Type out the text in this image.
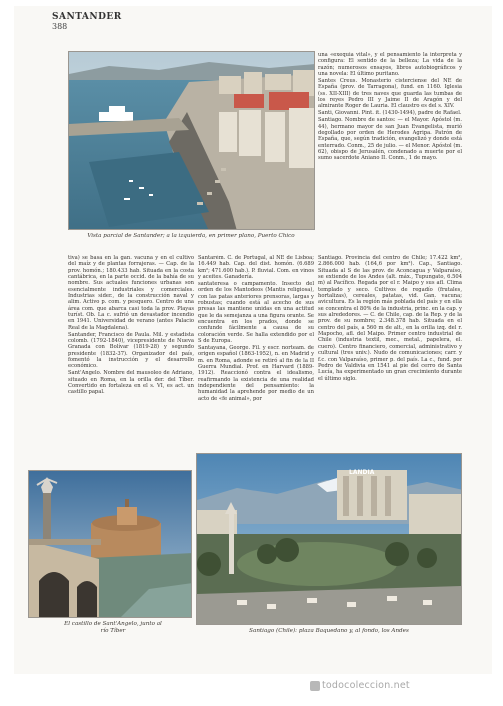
SANTANDER
388
Vista parcial de Santander; a la izquierda, en primer plano, Puerto Chico

una «exequia vital», y el pensamiento la interpreta y configura: El sentido de la belleza; La vida de la razón; numerosos ensayos, libros autobiográficos y una novela: El último puritano.

Santes Creus. Monasterio cisterciense del NE de España (prov. de Tarragona), fund. en 1160. Iglesia (ss. XII-XIII) de tres naves que guarda las tumbas de los reyes Pedro III y Jaime II de Aragón y del almirante Roger de Lauria. El claustro es del s. XIV.

Santi, Giovanni. Pint. it. (1430-1494), padre de Rafael.

Santiago. Nombre de santos: — el Mayor. Apóstol (m. 44), hermano mayor de san Juan Evangelista, murió degollado por orden de Herodes Agripa. Patrón de España, que, según tradición, evangelizó y donde está enterrado. Conm., 25 de julio. — el Menor. Apóstol (m. 62), obispo de Jerusalén, condenado a muerte por el sumo sacerdote Aniano II. Conm., 1 de mayo.

tiva) se basa en la gan. vacuna y en el cultivo del maíz y de plantas forrajeras. — Cap. de la prov. homón.; 180.433 hab. Situada en la costa cantábrica, en la parte occid. de la bahía de su nombre. Sus actuales funciones urbanas son esencialmente industriales y comerciales. Industrias sider., de la construcción naval y alim. Activo p. com. y pesquero. Centro de una área com. que abarca casi toda la prov. Playas turíst. Ob. La c. sufrió un devastador incendio en 1941. Universidad de verano (antes Palacio Real de la Magdalena).

Santander, Francisco de Paula. Mil. y estadista colomb. (1792-1840), vicepresidente de Nueva Granada con Bolívar (1819-28) y segundo presidente (1832-37). Organizador del país, fomentó la instrucción y el desarrollo económico.

Sant'Angelo. Nombre del mausoleo de Adriano, situado en Roma, en la orilla der. del Tíber. Convertido en fortaleza en el s. VI, es act. un castillo papal.

Santarém. C. de Portugal, al NE de Lisboa; 16.449 hab. Cap. del dist. homón. (6.689 km²; 471.600 hab.). P. fluvial. Com. en vinos y aceites. Ganadería.

santateresa o campamento. Insecto del orden de los Mantodeos (Mantis religiosa), con las patas anteriores prensoras, largas y robustas; cuando está al acecho de sus presas las mantiene unidas en una actitud que le da semejanza a una figura orante. Se encuentra en los prados, donde se confunde fácilmente a causa de su coloración verde. Se halla extendido por el S de Europa.

Santayana, George. Fil. y escr. norteam. de origen español (1863-1952), n. en Madrid y m. en Roma, adonde se retiró al fin de la II Guerra Mundial. Prof. en Harvard (1889-1912). Reaccionó contra el idealismo, reafirmando la existencia de una realidad independiente del pensamiento: la humanidad la aprehende por medio de un acto de «fe animal», por

Santiago. Provincia del centro de Chile; 17.422 km², 2.866.000 hab. (164,6 por km²). Cap., Santiago. Situada al S de las prov. de Aconcagua y Valparaíso, se extiende de los Andes (alt. máx., Tupungato, 6.504 m) al Pacífico. Regada por el r. Maipo y sus afl. Clima templado y seco. Cultivos de regadío (frutales, hortalizas), cereales, patatas, vid. Gan. vacuna; avicultura. Es la región más poblada del país y en ella se concentra el 80% de la industria, princ. en la cap. y sus alrededores. — C. de Chile, cap. de la Rep. y de la prov. de su nombre; 2.348.378 hab. Situada en el centro del país, a 560 m de alt., en la orilla izq. del r. Mapocho, afl. del Maipo. Primer centro industrial de Chile (industria textil, mec., metal., papelera, el. cuero). Centro financiero, comercial, administrativo y cultural (tres univ.). Nudo de comunicaciones; carr. y f.c. con Valparaíso, primer p. del país. La c., fund. por Pedro de Valdivia en 1541 al pie del cerro de Santa Lucía, ha experimentado un gran crecimiento durante el último siglo.

El castillo de Sant'Angelo, junto al río Tíber
LANDIA
Santiago (Chile): plaza Baquedano y, al fondo, los Andes
todocoleccion.net
